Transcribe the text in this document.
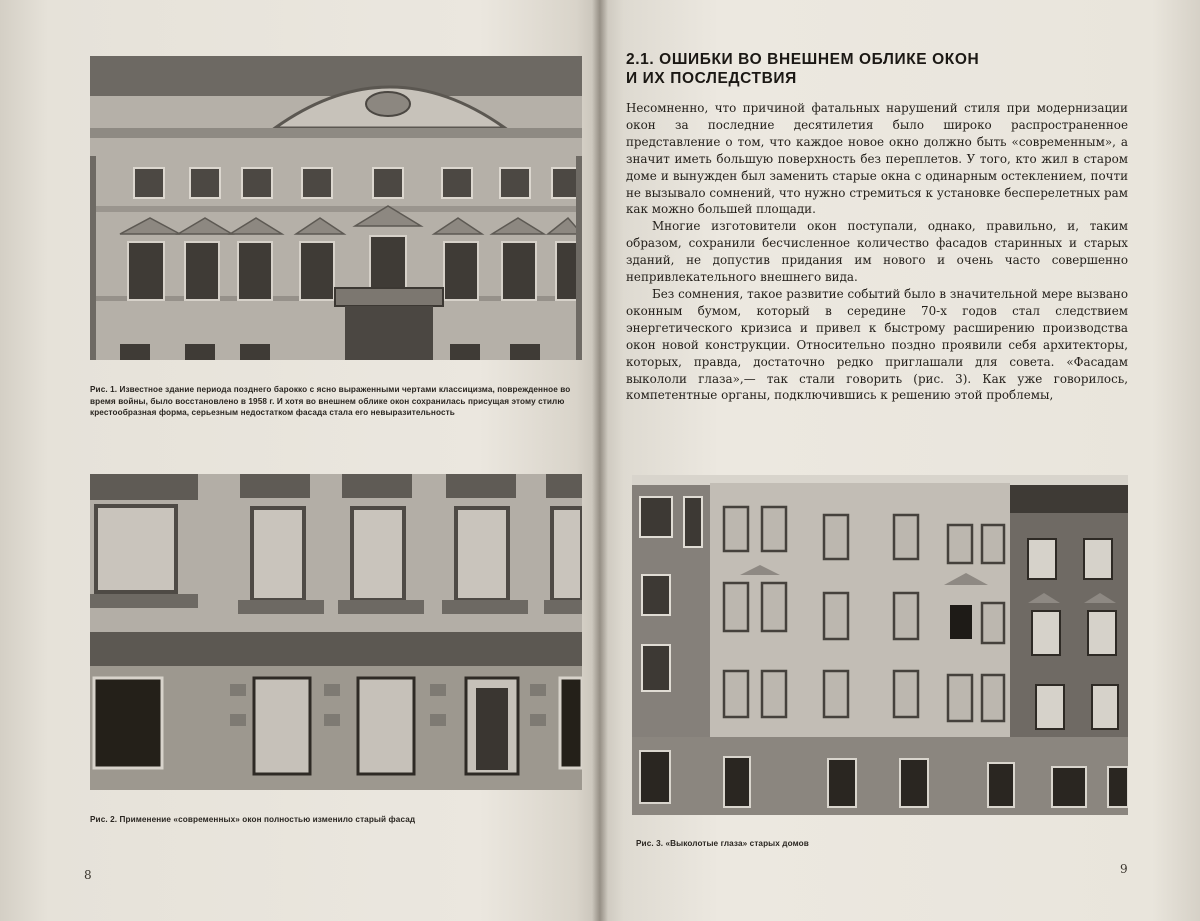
Рис. 1. Известное здание периода позднего барокко с ясно выраженными чертами классицизма, поврежденное во время войны, было восстановлено в 1958 г. И хотя во внешнем облике окон сохранилась присущая этому стилю крестообразная форма, серьезным недостатком фасада стала его невыразительность
Рис. 2. Применение «современных» окон полностью изменило старый фасад
8
2.1. ОШИБКИ ВО ВНЕШНЕМ ОБЛИКЕ ОКОН
И ИХ ПОСЛЕДСТВИЯ

Несомненно, что причиной фатальных нарушений стиля при модернизации окон за последние десятилетия было широко распространенное представление о том, что каждое новое окно должно быть «современным», а значит иметь большую поверхность без переплетов. У того, кто жил в старом доме и вынужден был заменить старые окна с одинарным остеклением, почти не вызывало сомнений, что нужно стремиться к установке бесперелетных рам как можно большей площади.

Многие изготовители окон поступали, однако, правильно, и, таким образом, сохранили бесчисленное количество фасадов старинных и старых зданий, не допустив придания им нового и очень часто совершенно непривлекательного внешнего вида.

Без сомнения, такое развитие событий было в значительной мере вызвано оконным бумом, который в середине 70-х годов стал следствием энергетического кризиса и привел к быстрому расширению производства окон новой конструкции. Относительно поздно проявили себя архитекторы, которых, правда, достаточно редко приглашали для совета. «Фасадам выкололи глаза»,— так стали говорить (рис. 3). Как уже говорилось, компетентные органы, подключившись к решению этой проблемы,

Рис. 3. «Выколотые глаза» старых домов
9
